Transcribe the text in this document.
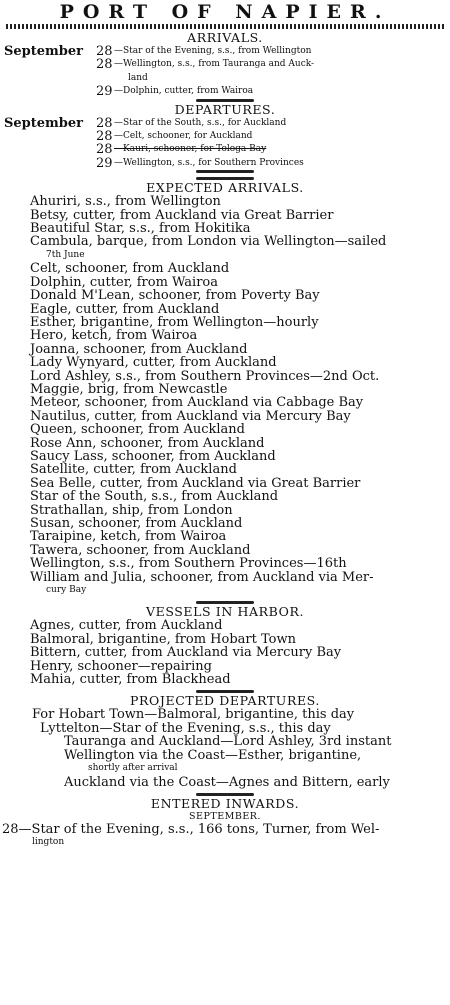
PORT OF NAPIER.
ARRIVALS.
September 28 —Star of the Evening, s.s., from Wellington
28 —Wellington, s.s., from Tauranga and Auck-
land
29 —Dolphin, cutter, from Wairoa
DEPARTURES.
September 28 —Star of the South, s.s., for Auckland
28 —Celt, schooner, for Auckland
28 —Kauri, schooner, for Tologa Bay
29 —Wellington, s.s., for Southern Provinces
EXPECTED ARRIVALS.
Ahuriri, s.s., from Wellington
Betsy, cutter, from Auckland via Great Barrier
Beautiful Star, s.s., from Hokitika
Cambula, barque, from London via Wellington—sailed
7th June
Celt, schooner, from Auckland
Dolphin, cutter, from Wairoa
Donald M'Lean, schooner, from Poverty Bay
Eagle, cutter, from Auckland
Esther, brigantine, from Wellington—hourly
Hero, ketch, from Wairoa
Joanna, schooner, from Auckland
Lady Wynyard, cutter, from Auckland
Lord Ashley, s.s., from Southern Provinces—2nd Oct.
Maggie, brig, from Newcastle
Meteor, schooner, from Auckland via Cabbage Bay
Nautilus, cutter, from Auckland via Mercury Bay
Queen, schooner, from Auckland
Rose Ann, schooner, from Auckland
Saucy Lass, schooner, from Auckland
Satellite, cutter, from Auckland
Sea Belle, cutter, from Auckland via Great Barrier
Star of the South, s.s., from Auckland
Strathallan, ship, from London
Susan, schooner, from Auckland
Taraipine, ketch, from Wairoa
Tawera, schooner, from Auckland
Wellington, s.s., from Southern Provinces—16th
William and Julia, schooner, from Auckland via Mer-
cury Bay
VESSELS IN HARBOR.
Agnes, cutter, from Auckland
Balmoral, brigantine, from Hobart Town
Bittern, cutter, from Auckland via Mercury Bay
Henry, schooner—repairing
Mahia, cutter, from Blackhead
PROJECTED DEPARTURES.
For Hobart Town—Balmoral, brigantine, this day
Lyttelton—Star of the Evening, s.s., this day
Tauranga and Auckland—Lord Ashley, 3rd instant
Wellington via the Coast—Esther, brigantine,
shortly after arrival
Auckland via the Coast—Agnes and Bittern, early
ENTERED INWARDS.
SEPTEMBER.
28—Star of the Evening, s.s., 166 tons, Turner, from Wel-
lington
